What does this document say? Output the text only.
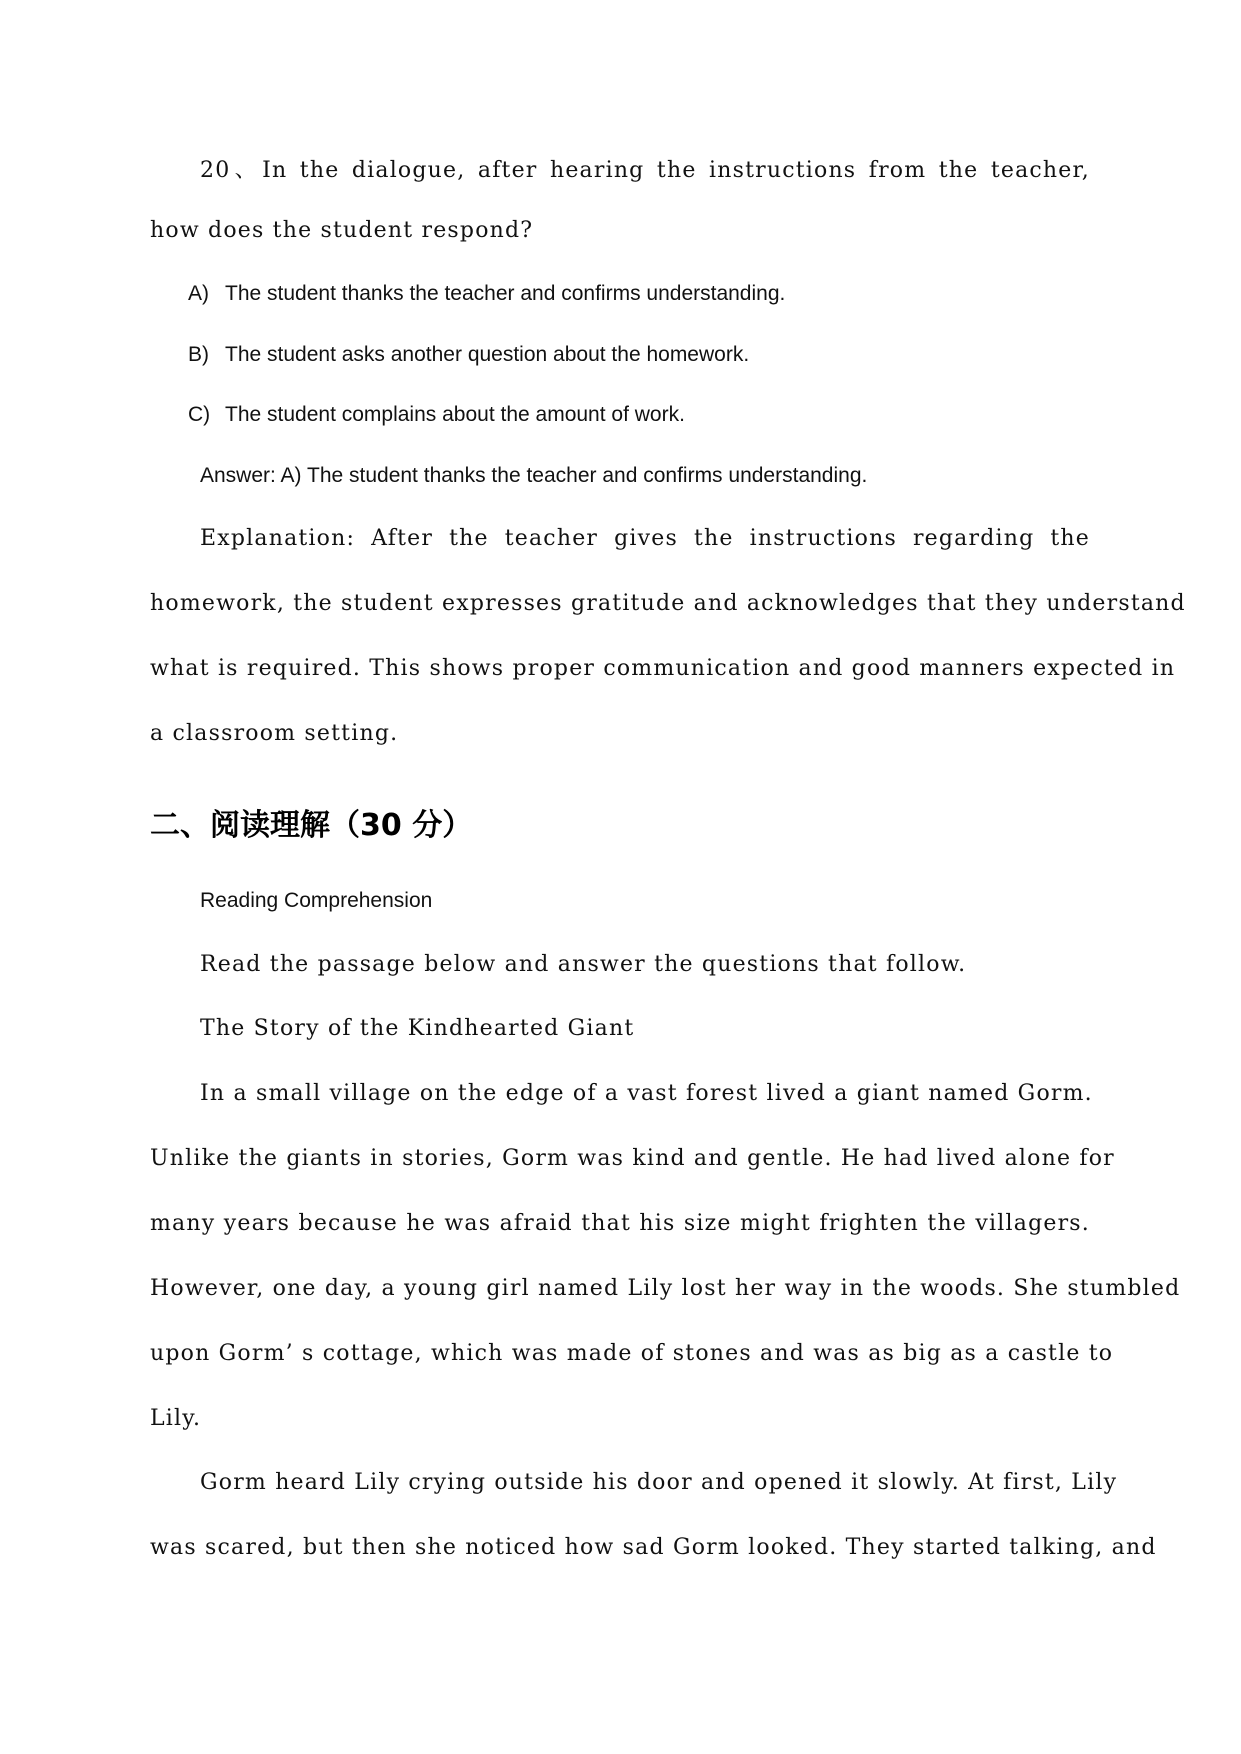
20、In the dialogue, after hearing the instructions from the teacher,
how does the student respond?
A) The student thanks the teacher and confirms understanding.
B) The student asks another question about the homework.
C) The student complains about the amount of work.
Answer: A) The student thanks the teacher and confirms understanding.
Explanation: After the teacher gives the instructions regarding the
homework, the student expresses gratitude and acknowledges that they understand
what is required. This shows proper communication and good manners expected in
a classroom setting.
二、阅读理解（30 分）
Reading Comprehension
Read the passage below and answer the questions that follow.
The Story of the Kindhearted Giant
In a small village on the edge of a vast forest lived a giant named Gorm.
Unlike the giants in stories, Gorm was kind and gentle. He had lived alone for
many years because he was afraid that his size might frighten the villagers.
However, one day, a young girl named Lily lost her way in the woods. She stumbled
upon Gorm’ s cottage, which was made of stones and was as big as a castle to
Lily.
Gorm heard Lily crying outside his door and opened it slowly. At first, Lily
was scared, but then she noticed how sad Gorm looked. They started talking, and
